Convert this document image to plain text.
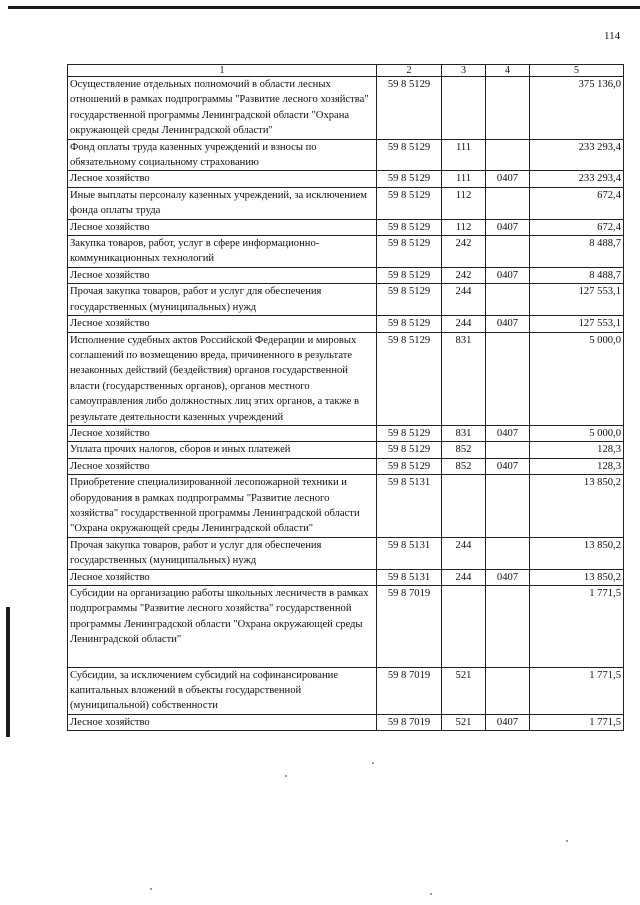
114
1	2	3	4	5
Осуществление отдельных полномочий в области лесных отношений в рамках подпрограммы "Развитие лесного хозяйства" государственной программы Ленинградской области "Охрана окружающей среды Ленинградской области"	59 8 5129			375 136,0
Фонд оплаты труда казенных учреждений и взносы по обязательному социальному страхованию	59 8 5129	111		233 293,4
Лесное хозяйство	59 8 5129	111	0407	233 293,4
Иные выплаты персоналу казенных учреждений, за исключением фонда оплаты труда	59 8 5129	112		672,4
Лесное хозяйство	59 8 5129	112	0407	672,4
Закупка товаров, работ, услуг в сфере информационно-коммуникационных технологий	59 8 5129	242		8 488,7
Лесное хозяйство	59 8 5129	242	0407	8 488,7
Прочая закупка товаров, работ и услуг для обеспечения государственных (муниципальных) нужд	59 8 5129	244		127 553,1
Лесное хозяйство	59 8 5129	244	0407	127 553,1
Исполнение судебных актов Российской Федерации и мировых соглашений по возмещению вреда, причиненного в результате незаконных действий (бездействия) органов государственной власти (государственных органов), органов местного самоуправления либо должностных лиц этих органов, а также в результате деятельности казенных учреждений	59 8 5129	831		5 000,0
Лесное хозяйство	59 8 5129	831	0407	5 000,0
Уплата прочих налогов, сборов и иных платежей	59 8 5129	852		128,3
Лесное хозяйство	59 8 5129	852	0407	128,3
Приобретение специализированной лесопожарной техники и оборудования в рамках подпрограммы "Развитие лесного хозяйства" государственной программы Ленинградской области "Охрана окружающей среды Ленинградской области"	59 8 5131			13 850,2
Прочая закупка товаров, работ и услуг для обеспечения государственных (муниципальных) нужд	59 8 5131	244		13 850,2
Лесное хозяйство	59 8 5131	244	0407	13 850,2
Субсидии на организацию работы школьных лесничеств в рамках подпрограммы "Развитие лесного хозяйства" государственной программы Ленинградской области "Охрана окружающей среды Ленинградской области"	59 8 7019			1 771,5
Субсидии, за исключением субсидий на софинансирование капитальных вложений в объекты государственной (муниципальной) собственности	59 8 7019	521		1 771,5
Лесное хозяйство	59 8 7019	521	0407	1 771,5
